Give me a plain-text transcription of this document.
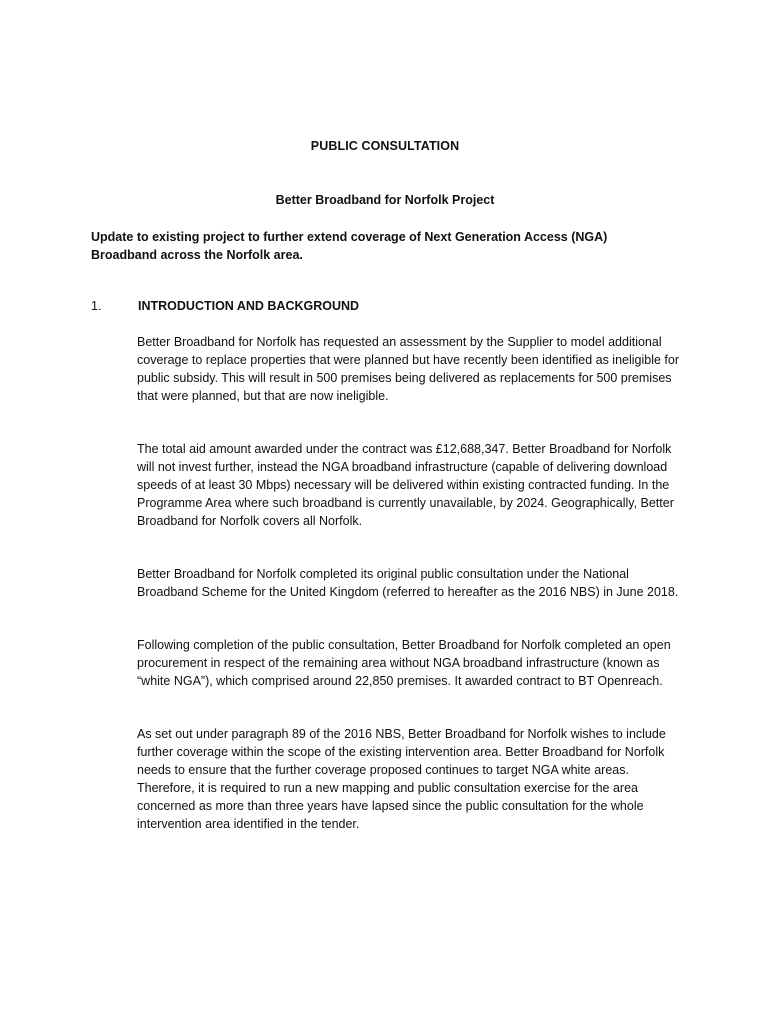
PUBLIC CONSULTATION
Better Broadband for Norfolk Project
Update to existing project to further extend coverage of Next Generation Access (NGA) Broadband across the Norfolk area.
1.	INTRODUCTION AND BACKGROUND

Better Broadband for Norfolk has requested an assessment by the Supplier to model additional coverage to replace properties that were planned but have recently been identified as ineligible for public subsidy. This will result in 500 premises being delivered as replacements for 500 premises that were planned, but that are now ineligible.

The total aid amount awarded under the contract was £12,688,347. Better Broadband for Norfolk will not invest further, instead the NGA broadband infrastructure (capable of delivering download speeds of at least 30 Mbps) necessary will be delivered within existing contracted funding. In the Programme Area where such broadband is currently unavailable, by 2024. Geographically, Better Broadband for Norfolk covers all Norfolk.

Better Broadband for Norfolk completed its original public consultation under the National Broadband Scheme for the United Kingdom (referred to hereafter as the 2016 NBS) in June 2018.

Following completion of the public consultation, Better Broadband for Norfolk completed an open procurement in respect of the remaining area without NGA broadband infrastructure (known as “white NGA”), which comprised around 22,850 premises. It awarded contract to BT Openreach.

As set out under paragraph 89 of the 2016 NBS, Better Broadband for Norfolk wishes to include further coverage within the scope of the existing intervention area. Better Broadband for Norfolk needs to ensure that the further coverage proposed continues to target NGA white areas. Therefore, it is required to run a new mapping and public consultation exercise for the area concerned as more than three years have lapsed since the public consultation for the whole intervention area identified in the tender.
